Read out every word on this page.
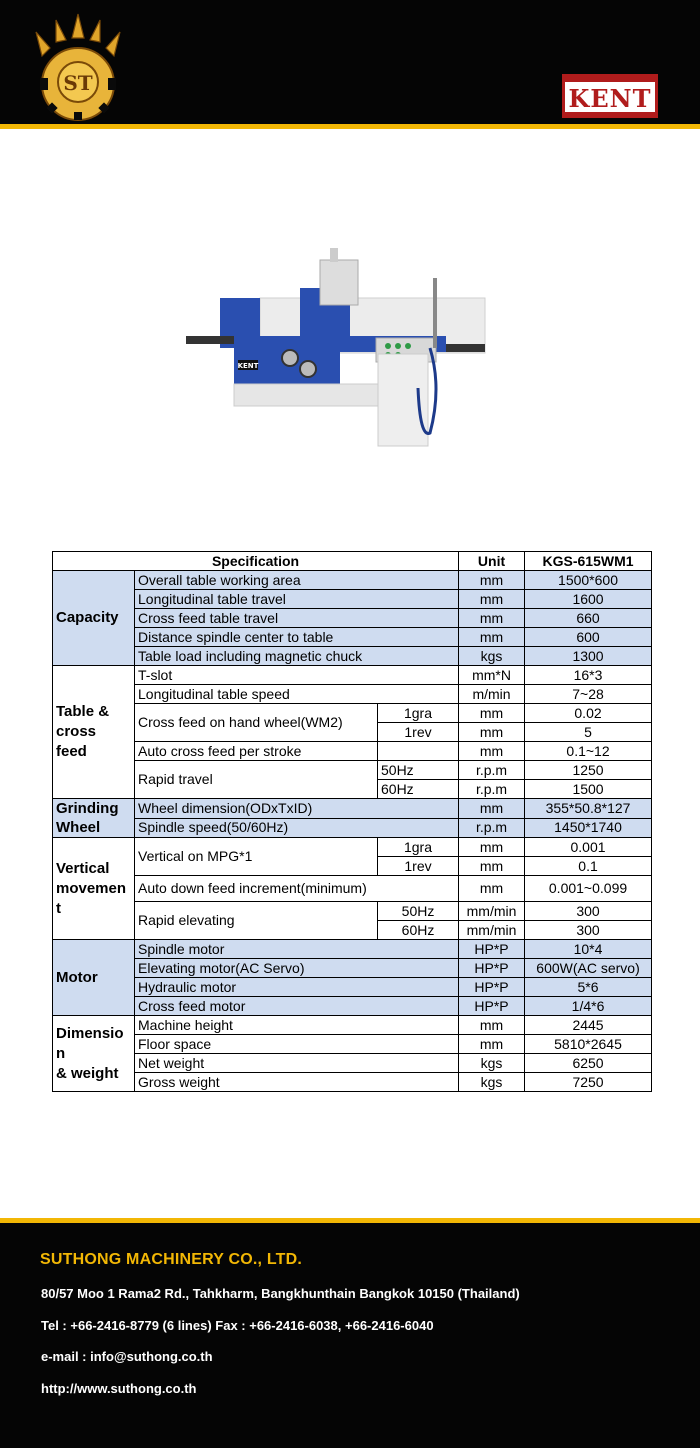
ST
KENT
KENT
Specification			Unit	KGS-615WM1
Capacity	Overall table working area		mm	1500*600
	Longitudinal table travel		mm	1600
	Cross feed table travel		mm	660
	Distance spindle center to table		mm	600
	Table load including magnetic chuck		kgs	1300
Table & cross feed	T-slot		mm*N	16*3
	Longitudinal table speed		m/min	7~28
	Cross feed on hand wheel(WM2)	1gra	mm	0.02
		1rev	mm	5
	Auto cross feed per stroke		mm	0.1~12
	Rapid travel	50Hz	r.p.m	1250
		60Hz	r.p.m	1500
Grinding Wheel	Wheel dimension(ODxTxID)		mm	355*50.8*127
	Spindle speed(50/60Hz)		r.p.m	1450*1740
Vertical movemen t	Vertical on MPG*1	1gra	mm	0.001
		1rev	mm	0.1
	Auto down feed increment(minimum)		mm	0.001~0.099
	Rapid elevating	50Hz	mm/min	300
		60Hz	mm/min	300
Motor	Spindle motor		HP*P	10*4
	Elevating motor(AC Servo)		HP*P	600W(AC servo)
	Hydraulic motor		HP*P	5*6
	Cross feed motor		HP*P	1/4*6
Dimensio n
& weight	Machine height		mm	2445
	Floor space		mm	5810*2645
	Net weight		kgs	6250
	Gross weight		kgs	7250
SUTHONG MACHINERY CO., LTD.
80/57 Moo 1 Rama2 Rd., Tahkharm, Bangkhunthain Bangkok 10150 (Thailand)
Tel : +66-2416-8779 (6 lines) Fax : +66-2416-6038, +66-2416-6040
e-mail : info@suthong.co.th
http://www.suthong.co.th
